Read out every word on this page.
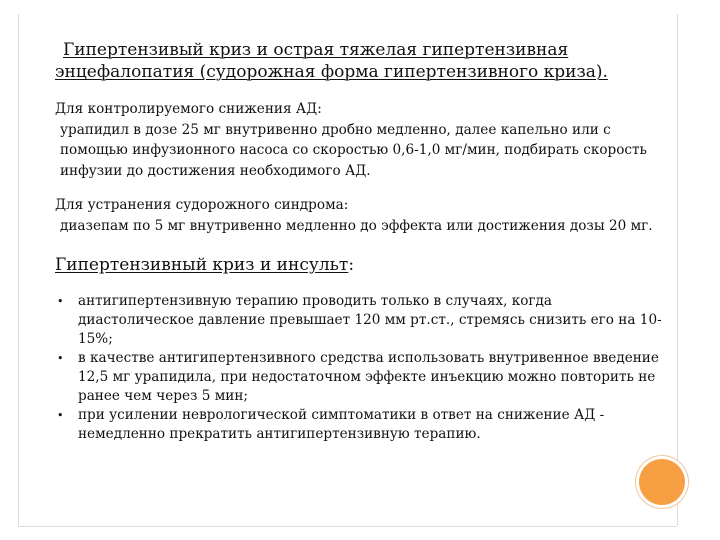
Гипертензивый криз и острая тяжелая гипертензивная
энцефалопатия (судорожная форма гипертензивного криза).
Для контролируемого снижения АД:
урапидил в дозе 25 мг внутривенно дробно медленно, далее капельно или с помощью инфузионного насоса со скоростью 0,6-1,0 мг/мин, подбирать скорость инфузии до достижения необходимого АД.
Для устранения судорожного синдрома:
диазепам по 5 мг внутривенно медленно до эффекта или достижения дозы 20 мг.
Гипертензивный криз и инсульт:
• антигипертензивную терапию проводить только в случаях, когда диастолическое давление превышает 120 мм рт.ст., стремясь снизить его на 10-15%;
• в качестве антигипертензивного средства использовать внутривенное введение 12,5 мг урапидила, при недостаточном эффекте инъекцию можно повторить не ранее чем через 5 мин;
• при усилении неврологической симптоматики в ответ на снижение АД - немедленно прекратить антигипертензивную терапию.
